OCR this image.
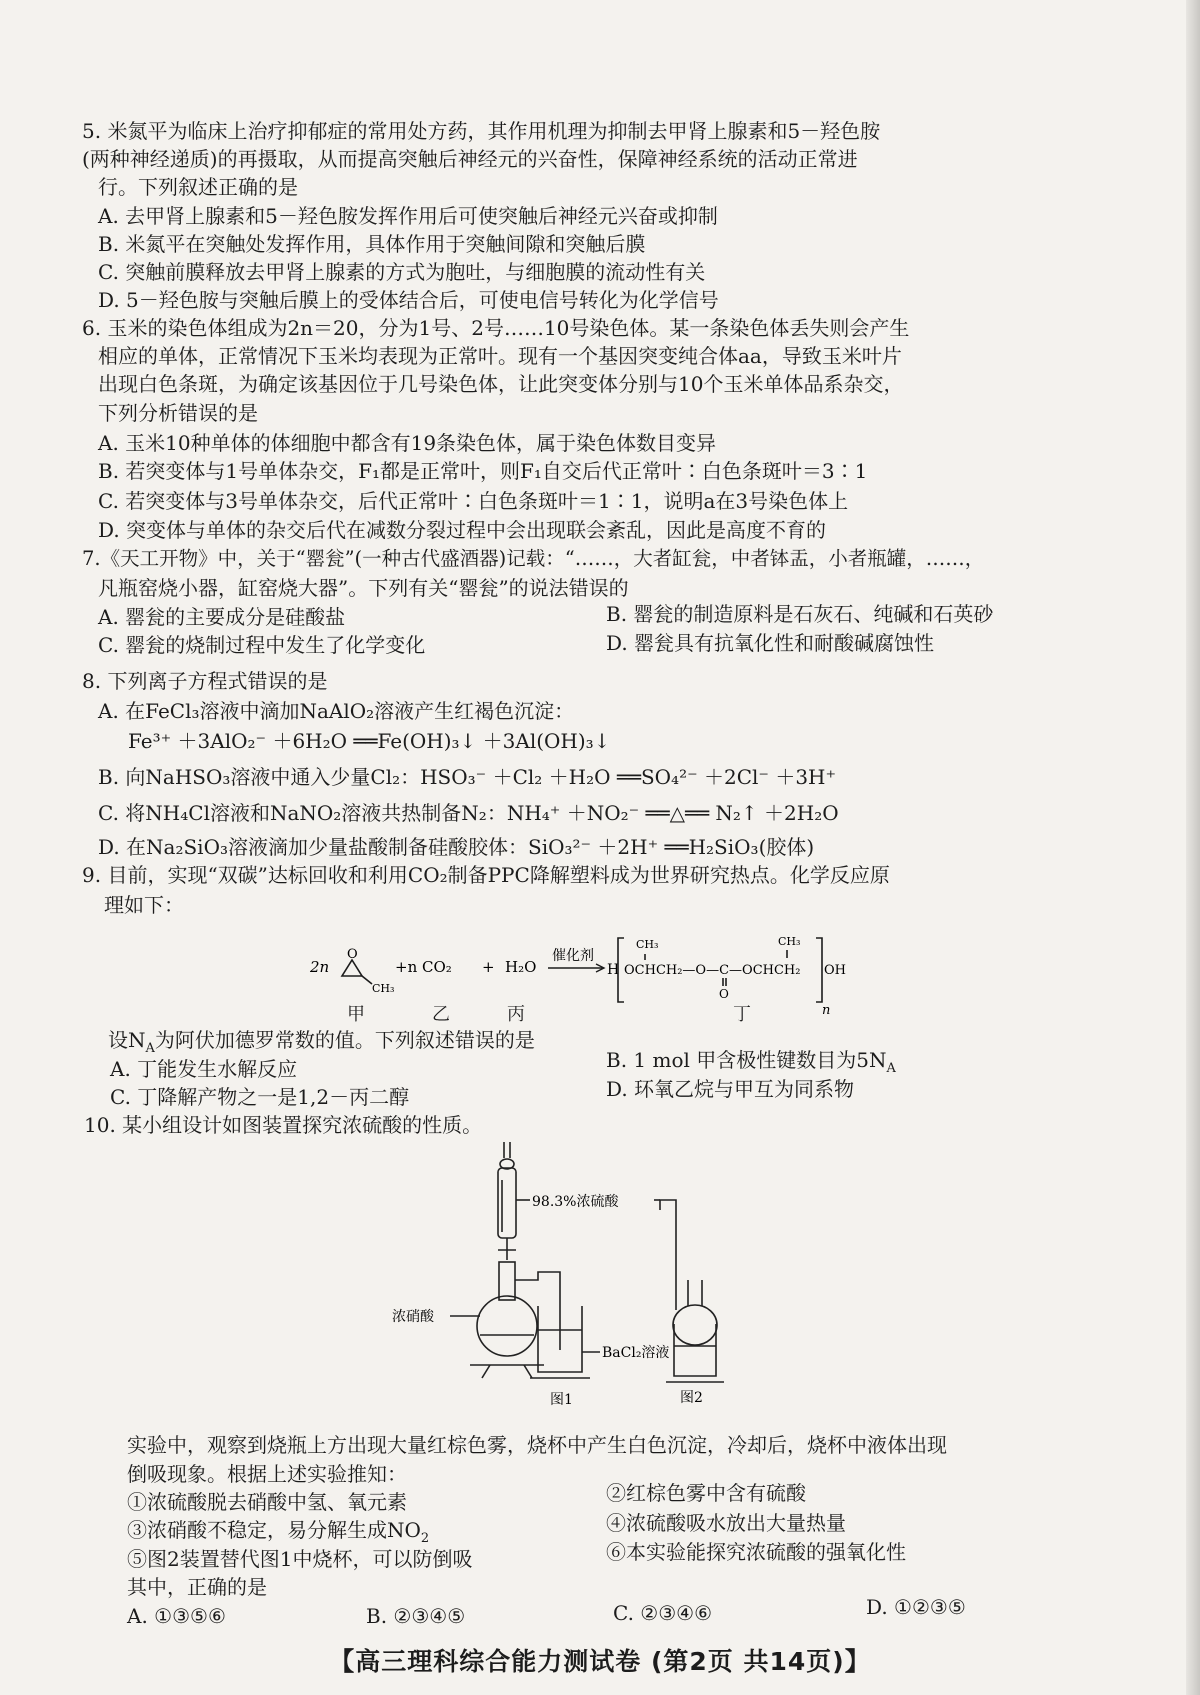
5. 米氮平为临床上治疗抑郁症的常用处方药，其作用机理为抑制去甲肾上腺素和5－羟色胺
(两种神经递质)的再摄取，从而提高突触后神经元的兴奋性，保障神经系统的活动正常进
行。下列叙述正确的是
A. 去甲肾上腺素和5－羟色胺发挥作用后可使突触后神经元兴奋或抑制
B. 米氮平在突触处发挥作用，具体作用于突触间隙和突触后膜
C. 突触前膜释放去甲肾上腺素的方式为胞吐，与细胞膜的流动性有关
D. 5－羟色胺与突触后膜上的受体结合后，可使电信号转化为化学信号
6. 玉米的染色体组成为2n＝20，分为1号、2号……10号染色体。某一条染色体丢失则会产生
相应的单体，正常情况下玉米均表现为正常叶。现有一个基因突变纯合体aa，导致玉米叶片
出现白色条斑，为确定该基因位于几号染色体，让此突变体分别与10个玉米单体品系杂交，
下列分析错误的是
A. 玉米10种单体的体细胞中都含有19条染色体，属于染色体数目变异
B. 若突变体与1号单体杂交，F₁都是正常叶，则F₁自交后代正常叶∶白色条斑叶＝3∶1
C. 若突变体与3号单体杂交，后代正常叶∶白色条斑叶＝1∶1，说明a在3号染色体上
D. 突变体与单体的杂交后代在减数分裂过程中会出现联会紊乱，因此是高度不育的
7.《天工开物》中，关于“罂瓮”(一种古代盛酒器)记载：“……，大者缸瓮，中者钵盂，小者瓶罐，……，
凡瓶窑烧小器，缸窑烧大器”。下列有关“罂瓮”的说法错误的
A. 罂瓮的主要成分是硅酸盐	B. 罂瓮的制造原料是石灰石、纯碱和石英砂
C. 罂瓮的烧制过程中发生了化学变化	D. 罂瓮具有抗氧化性和耐酸碱腐蚀性
8. 下列离子方程式错误的是
A. 在FeCl₃溶液中滴加NaAlO₂溶液产生红褐色沉淀：
Fe³⁺ ＋3AlO₂⁻ ＋6H₂O ══Fe(OH)₃↓ ＋3Al(OH)₃↓
B. 向NaHSO₃溶液中通入少量Cl₂：HSO₃⁻ ＋Cl₂ ＋H₂O ══SO₄²⁻ ＋2Cl⁻ ＋3H⁺
C. 将NH₄Cl溶液和NaNO₂溶液共热制备N₂：NH₄⁺ ＋NO₂⁻ ══△══ N₂↑ ＋2H₂O
D. 在Na₂SiO₃溶液滴加少量盐酸制备硅酸胶体：SiO₃²⁻ ＋2H⁺ ══H₂SiO₃(胶体)
9. 目前，实现“双碳”达标回收和利用CO₂制备PPC降解塑料成为世界研究热点。化学反应原
理如下：
2n
O
CH₃
+n CO₂ + H₂O
催化剂
H
CH₃	CH₃
OCHCH₂—O—C—OCHCH₂
O
OH
n
甲	乙	丙	丁
设$N_A$为阿伏加德罗常数的值。下列叙述错误的是
A. 丁能发生水解反应	B. 1 mol 甲含极性键数目为$5N_A$
C. 丁降解产物之一是1,2－丙二醇	D. 环氧乙烷与甲互为同系物
10. 某小组设计如图装置探究浓硫酸的性质。
98.3%浓硫酸
浓硝酸
BaCl₂溶液
图1	图2
实验中，观察到烧瓶上方出现大量红棕色雾，烧杯中产生白色沉淀，冷却后，烧杯中液体出现
倒吸现象。根据上述实验推知：
①浓硫酸脱去硝酸中氢、氧元素	②红棕色雾中含有硫酸
③浓硝酸不稳定，易分解生成$NO_2$
④浓硫酸吸水放出大量热量
⑤图2装置替代图1中烧杯，可以防倒吸	⑥本实验能探究浓硫酸的强氧化性
其中，正确的是
A. ①③⑤⑥	B. ②③④⑤	C. ②③④⑥	D. ①②③⑤
【高三理科综合能力测试卷 (第2页 共14页)】
